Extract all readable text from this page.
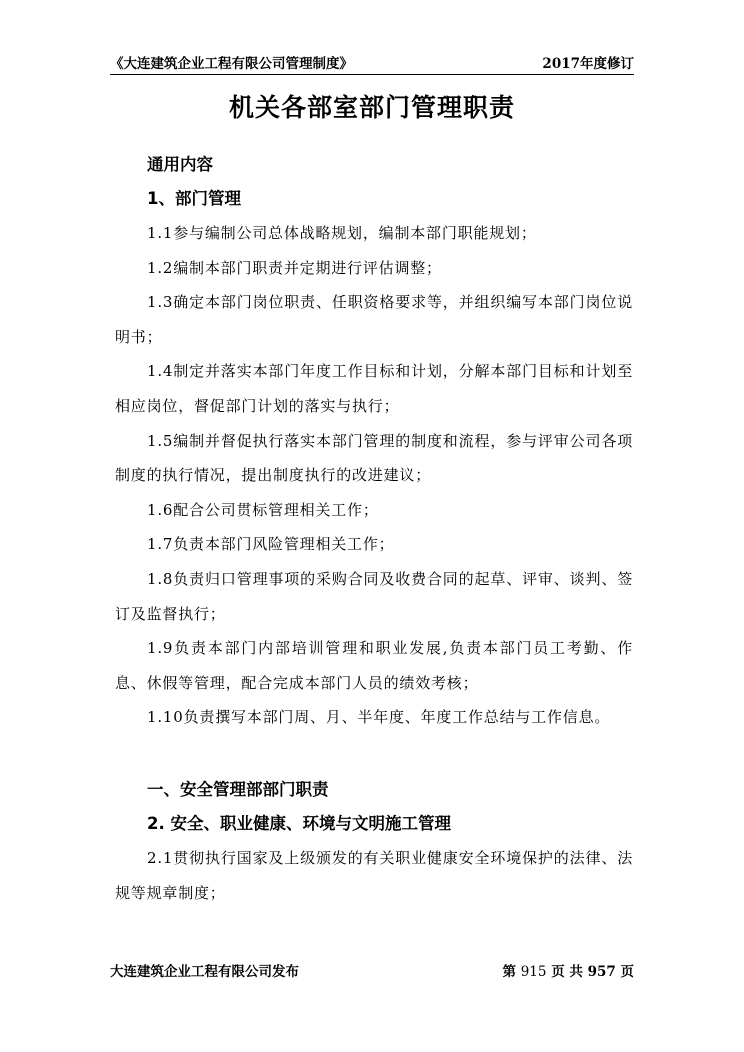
《大连建筑企业工程有限公司管理制度》	2017年度修订
机关各部室部门管理职责
通用内容
1、部门管理

1.1参与编制公司总体战略规划，编制本部门职能规划；

1.2编制本部门职责并定期进行评估调整；

1.3确定本部门岗位职责、任职资格要求等，并组织编写本部门岗位说明书；

1.4制定并落实本部门年度工作目标和计划，分解本部门目标和计划至相应岗位，督促部门计划的落实与执行；

1.5编制并督促执行落实本部门管理的制度和流程，参与评审公司各项制度的执行情况，提出制度执行的改进建议；

1.6配合公司贯标管理相关工作；

1.7负责本部门风险管理相关工作；

1.8负责归口管理事项的采购合同及收费合同的起草、评审、谈判、签订及监督执行；

1.9负责本部门内部培训管理和职业发展,负责本部门员工考勤、作息、休假等管理，配合完成本部门人员的绩效考核；

1.10负责撰写本部门周、月、半年度、年度工作总结与工作信息。

一、安全管理部部门职责
2. 安全、职业健康、环境与文明施工管理

2.1贯彻执行国家及上级颁发的有关职业健康安全环境保护的法律、法规等规章制度；

大连建筑企业工程有限公司发布	第 915 页 共 957 页
